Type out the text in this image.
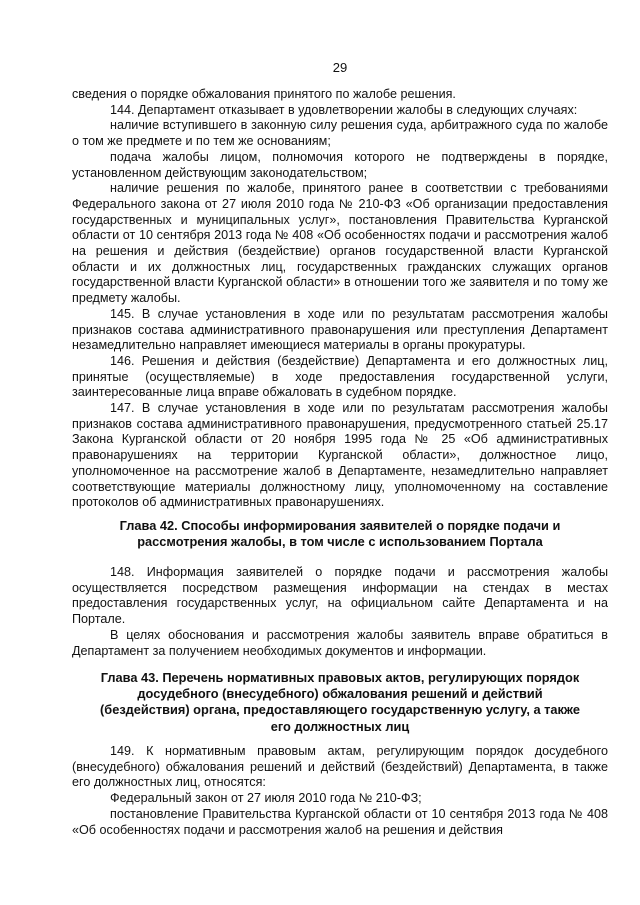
29

сведения о порядке обжалования принятого по жалобе решения.

144. Департамент отказывает в удовлетворении жалобы в следующих случаях:

наличие вступившего в законную силу решения суда, арбитражного суда по жалобе о том же предмете и по тем же основаниям;

подача жалобы лицом, полномочия которого не подтверждены в порядке, установленном действующим законодательством;

наличие решения по жалобе, принятого ранее в соответствии с требованиями Федерального закона от 27 июля 2010 года № 210-ФЗ «Об организации предоставления государственных и муниципальных услуг», постановления Правительства Курганской области от 10 сентября 2013 года № 408 «Об особенностях подачи и рассмотрения жалоб на решения и действия (бездействие) органов государственной власти Курганской области и их должностных лиц, государственных гражданских служащих органов государственной власти Курганской области» в отношении того же заявителя и по тому же предмету жалобы.

145. В случае установления в ходе или по результатам рассмотрения жалобы признаков состава административного правонарушения или преступления Департамент незамедлительно направляет имеющиеся материалы в органы прокуратуры.

146. Решения и действия (бездействие) Департамента и его должностных лиц, принятые (осуществляемые) в ходе предоставления государственной услуги, заинтересованные лица вправе обжаловать в судебном порядке.

147. В случае установления в ходе или по результатам рассмотрения жалобы признаков состава административного правонарушения, предусмотренного статьей 25.17 Закона Курганской области от 20 ноября 1995 года № 25 «Об административных правонарушениях на территории Курганской области», должностное лицо, уполномоченное на рассмотрение жалоб в Департаменте, незамедлительно направляет соответствующие материалы должностному лицу, уполномоченному на составление протоколов об административных правонарушениях.

Глава 42. Способы информирования заявителей о порядке подачи и рассмотрения жалобы, в том числе с использованием Портала

148. Информация заявителей о порядке подачи и рассмотрения жалобы осуществляется посредством размещения информации на стендах в местах предоставления государственных услуг, на официальном сайте Департамента и на Портале.

В целях обоснования и рассмотрения жалобы заявитель вправе обратиться в Департамент за получением необходимых документов и информации.

Глава 43. Перечень нормативных правовых актов, регулирующих порядок досудебного (внесудебного) обжалования решений и действий (бездействия) органа, предоставляющего государственную услугу, а также его должностных лиц

149. К нормативным правовым актам, регулирующим порядок досудебного (внесудебного) обжалования решений и действий (бездействий) Департамента, в также его должностных лиц, относятся:

Федеральный закон от 27 июля 2010 года № 210-ФЗ;

постановление Правительства Курганской области от 10 сентября 2013 года № 408 «Об особенностях подачи и рассмотрения жалоб на решения и действия
